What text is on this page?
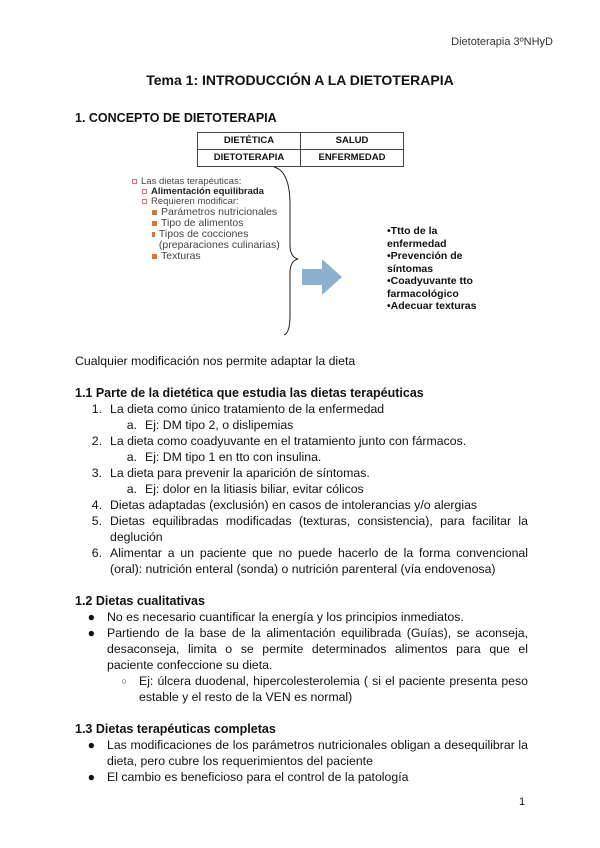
Dietoterapia 3ºNHyD
Tema 1: INTRODUCCIÓN A LA DIETOTERAPIA
1. CONCEPTO DE DIETOTERAPIA
DIETÉTICA	SALUD
DIETOTERAPIA	ENFERMEDAD
Las dietas terapéuticas:
Alimentación equilibrada
Requieren modificar:
Parámetros nutricionales
Tipo de alimentos
Tipos de cocciones (preparaciones culinarias)
Texturas
•Ttto de la enfermedad
•Prevención de síntomas
•Coadyuvante tto farmacológico
•Adecuar texturas
Cualquier modificación nos permite adaptar la dieta
1.1 Parte de la dietética que estudia las dietas terapéuticas
1. La dieta como único tratamiento de la enfermedad
a. Ej: DM tipo 2, o dislipemias
2. La dieta como coadyuvante en el tratamiento junto con fármacos.
a. Ej: DM tipo 1 en tto con insulina.
3. La dieta para prevenir la aparición de síntomas.
a. Ej: dolor en la litiasis biliar, evitar cólicos
4. Dietas adaptadas (exclusión) en casos de intolerancias y/o alergias
5. Dietas equilibradas modificadas (texturas, consistencia), para facilitar la deglución
6. Alimentar a un paciente que no puede hacerlo de la forma convencional (oral): nutrición enteral (sonda) o nutrición parenteral (vía endovenosa)
1.2 Dietas cualitativas
● No es necesario cuantificar la energía y los principios inmediatos.
● Partiendo de la base de la alimentación equilibrada (Guías), se aconseja, desaconseja, limita o se permite determinados alimentos para que el paciente confeccione su dieta.
○ Ej: úlcera duodenal, hipercolesterolemia ( si el paciente presenta peso estable y el resto de la VEN es normal)
1.3 Dietas terapéuticas completas
● Las modificaciones de los parámetros nutricionales obligan a desequilibrar la dieta, pero cubre los requerimientos del paciente
● El cambio es beneficioso para el control de la patología
1
